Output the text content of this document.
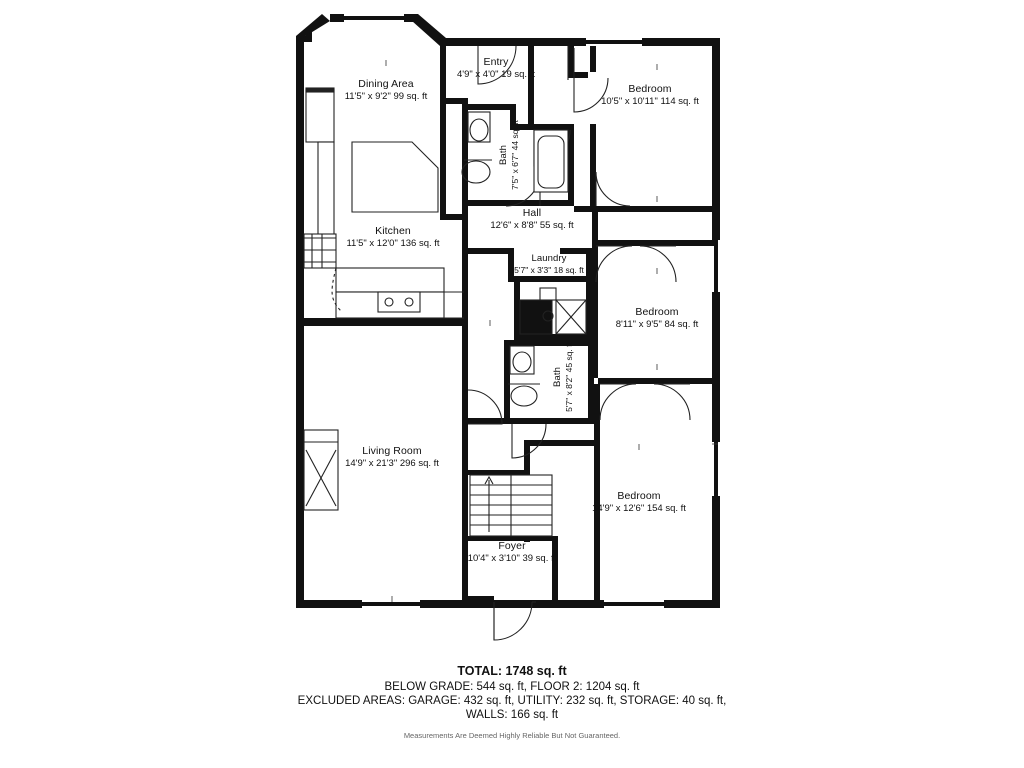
Entry
4'9" x 4'0" 19 sq. ft
Dining Area
11'5" x 9'2" 99 sq. ft
Bedroom
10'5" x 10'11" 114 sq. ft
Bath 7'5" x 6'7" 44 sq. ft
Kitchen
11'5" x 12'0" 136 sq. ft
Hall
12'6" x 8'8" 55 sq. ft
Laundry
5'7" x 3'3" 18 sq. ft
Bedroom
8'11" x 9'5" 84 sq. ft
Bath 5'7" x 8'2" 45 sq. ft
Living Room
14'9" x 21'3" 296 sq. ft
Bedroom
14'9" x 12'6" 154 sq. ft
Foyer
10'4" x 3'10" 39 sq. ft
TOTAL: 1748 sq. ft
BELOW GRADE: 544 sq. ft, FLOOR 2: 1204 sq. ft
EXCLUDED AREAS: GARAGE: 432 sq. ft, UTILITY: 232 sq. ft, STORAGE: 40 sq. ft,
WALLS: 166 sq. ft
Measurements Are Deemed Highly Reliable But Not Guaranteed.
